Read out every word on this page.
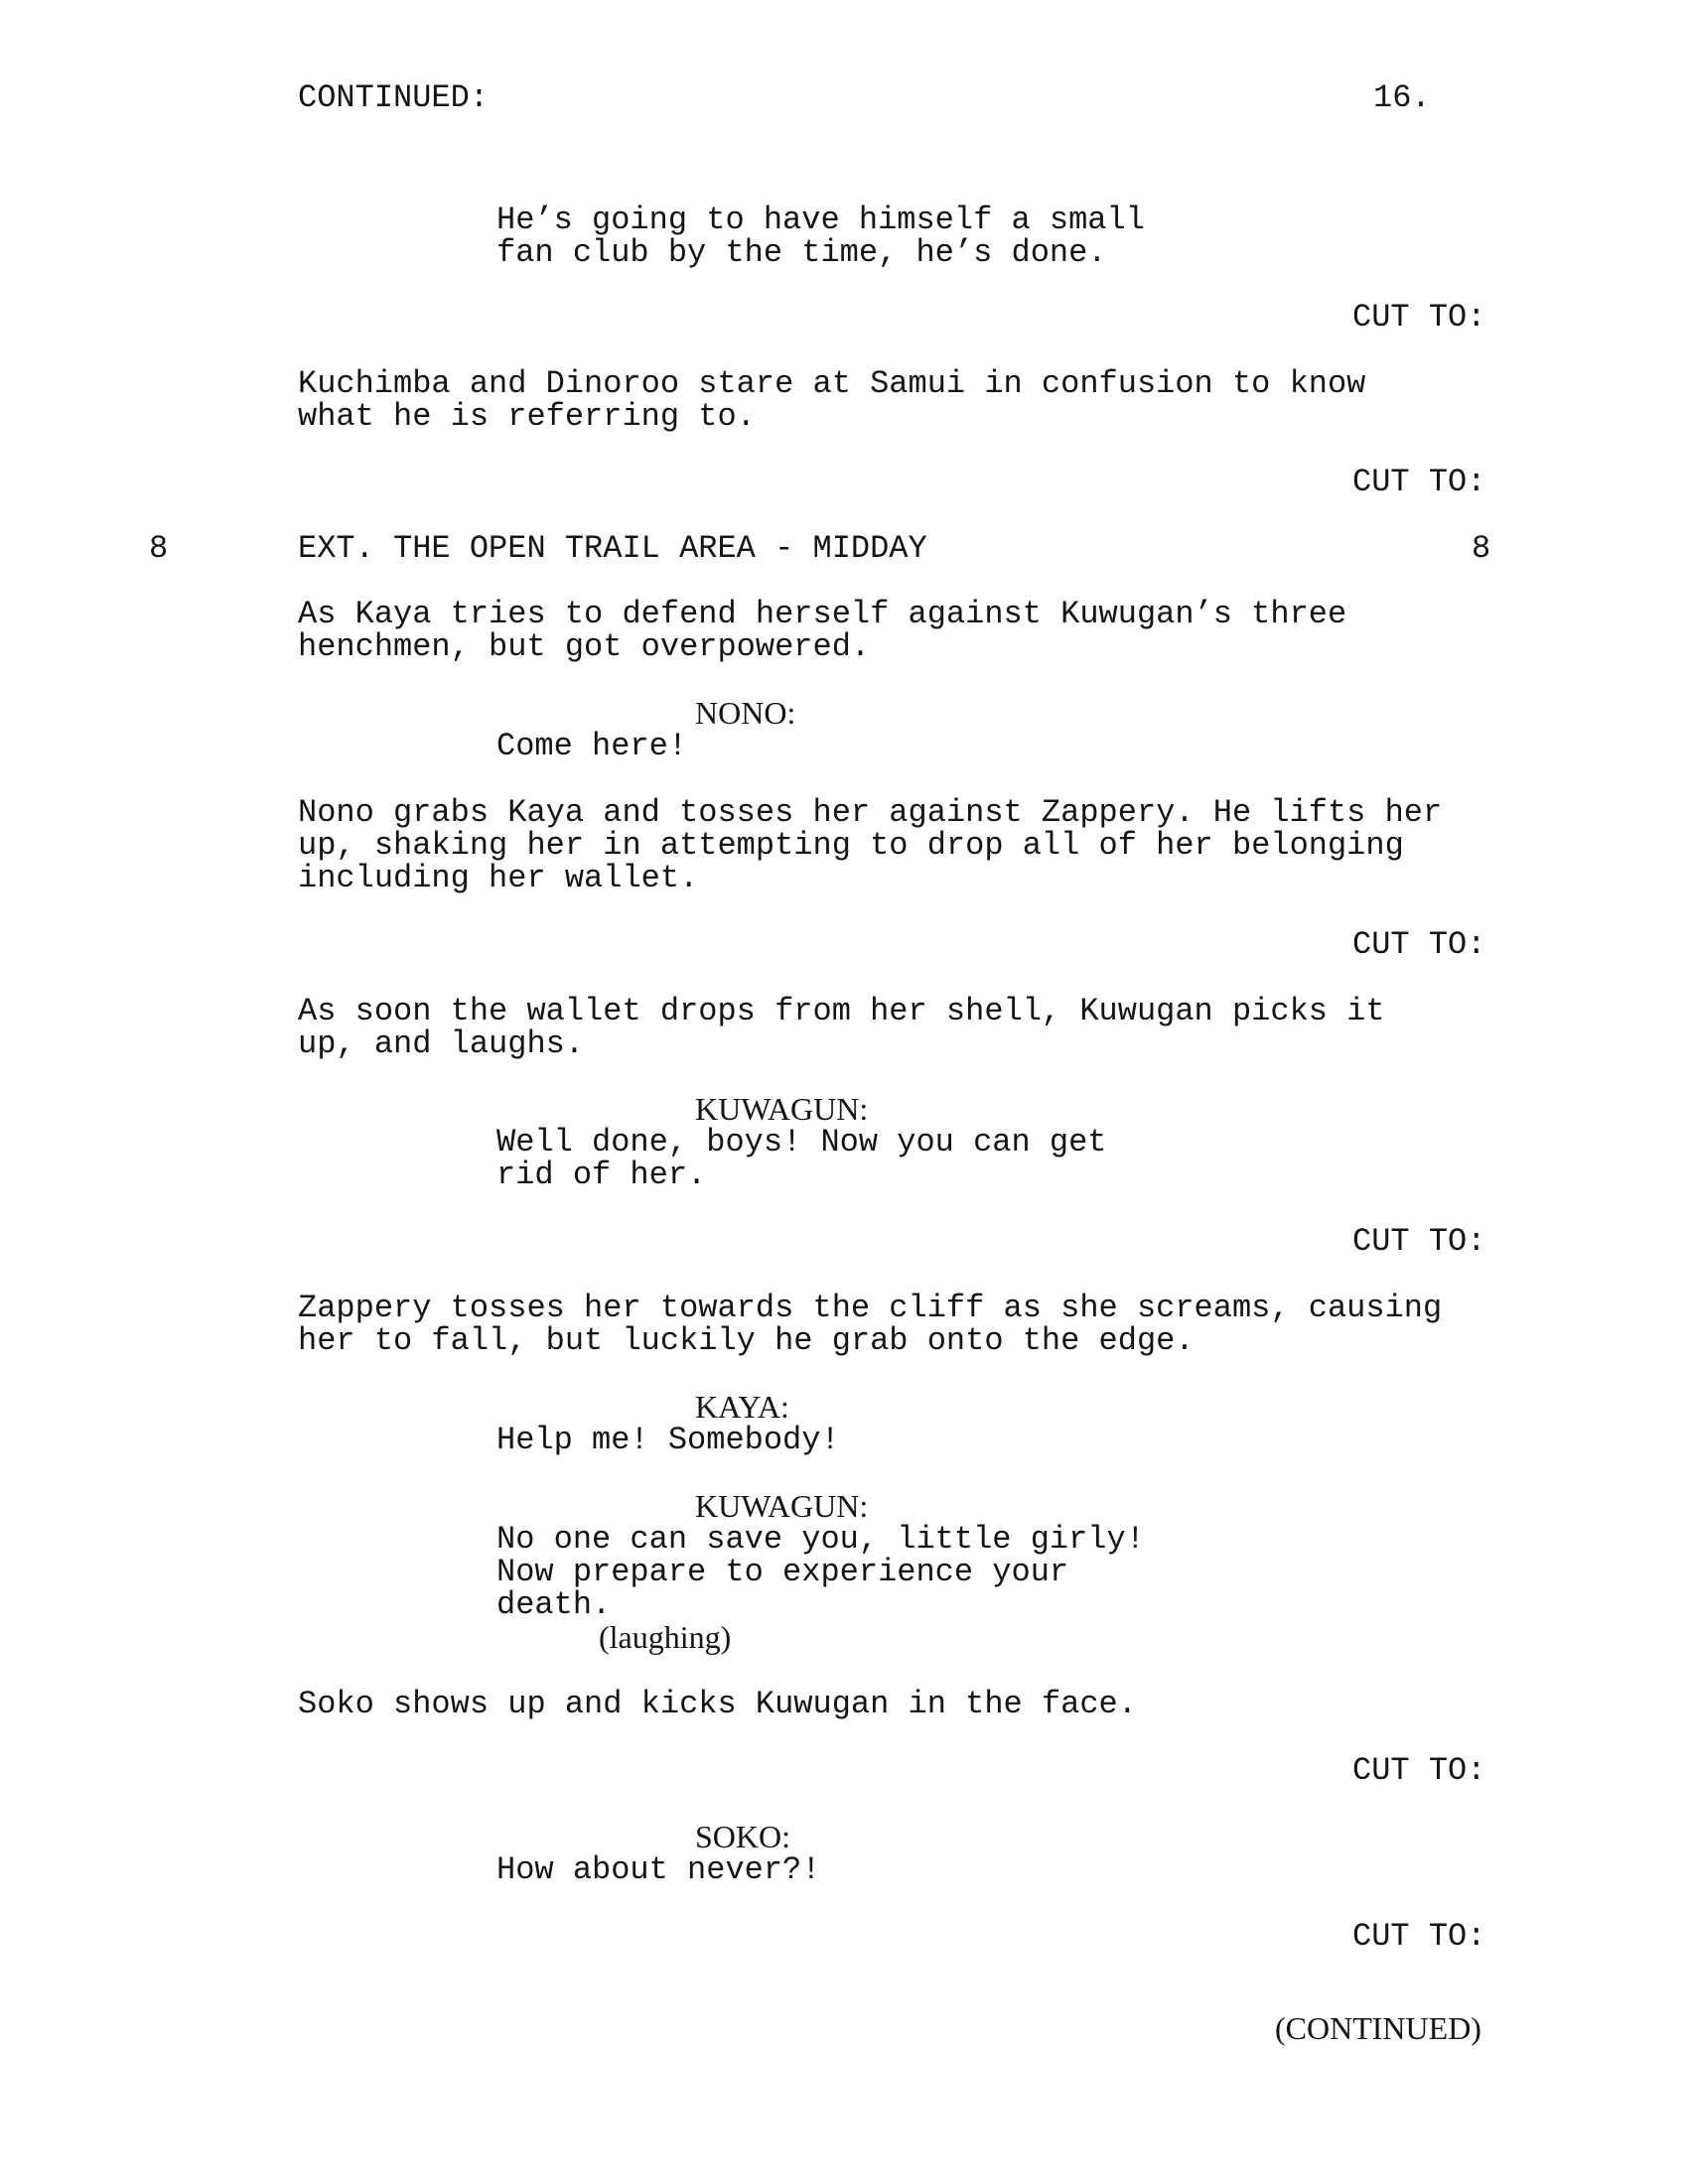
CONTINUED:	16.

He’s going to have himself a small

fan club by the time, he’s done.

CUT TO:

Kuchimba and Dinoroo stare at Samui in confusion to know

what he is referring to.

CUT TO:

8	EXT. THE OPEN TRAIL AREA - MIDDAY	8

As Kaya tries to defend herself against Kuwugan’s three

henchmen, but got overpowered.

NONO:

Come here!

Nono grabs Kaya and tosses her against Zappery. He lifts her

up, shaking her in attempting to drop all of her belonging

including her wallet.

CUT TO:

As soon the wallet drops from her shell, Kuwugan picks it

up, and laughs.

KUWAGUN:

Well done, boys! Now you can get

rid of her.

CUT TO:

Zappery tosses her towards the cliff as she screams, causing

her to fall, but luckily he grab onto the edge.

KAYA:

Help me! Somebody!

KUWAGUN:

No one can save you, little girly!

Now prepare to experience your

death.

(laughing)

Soko shows up and kicks Kuwugan in the face.

CUT TO:

SOKO:

How about never?!

CUT TO:

(CONTINUED)
